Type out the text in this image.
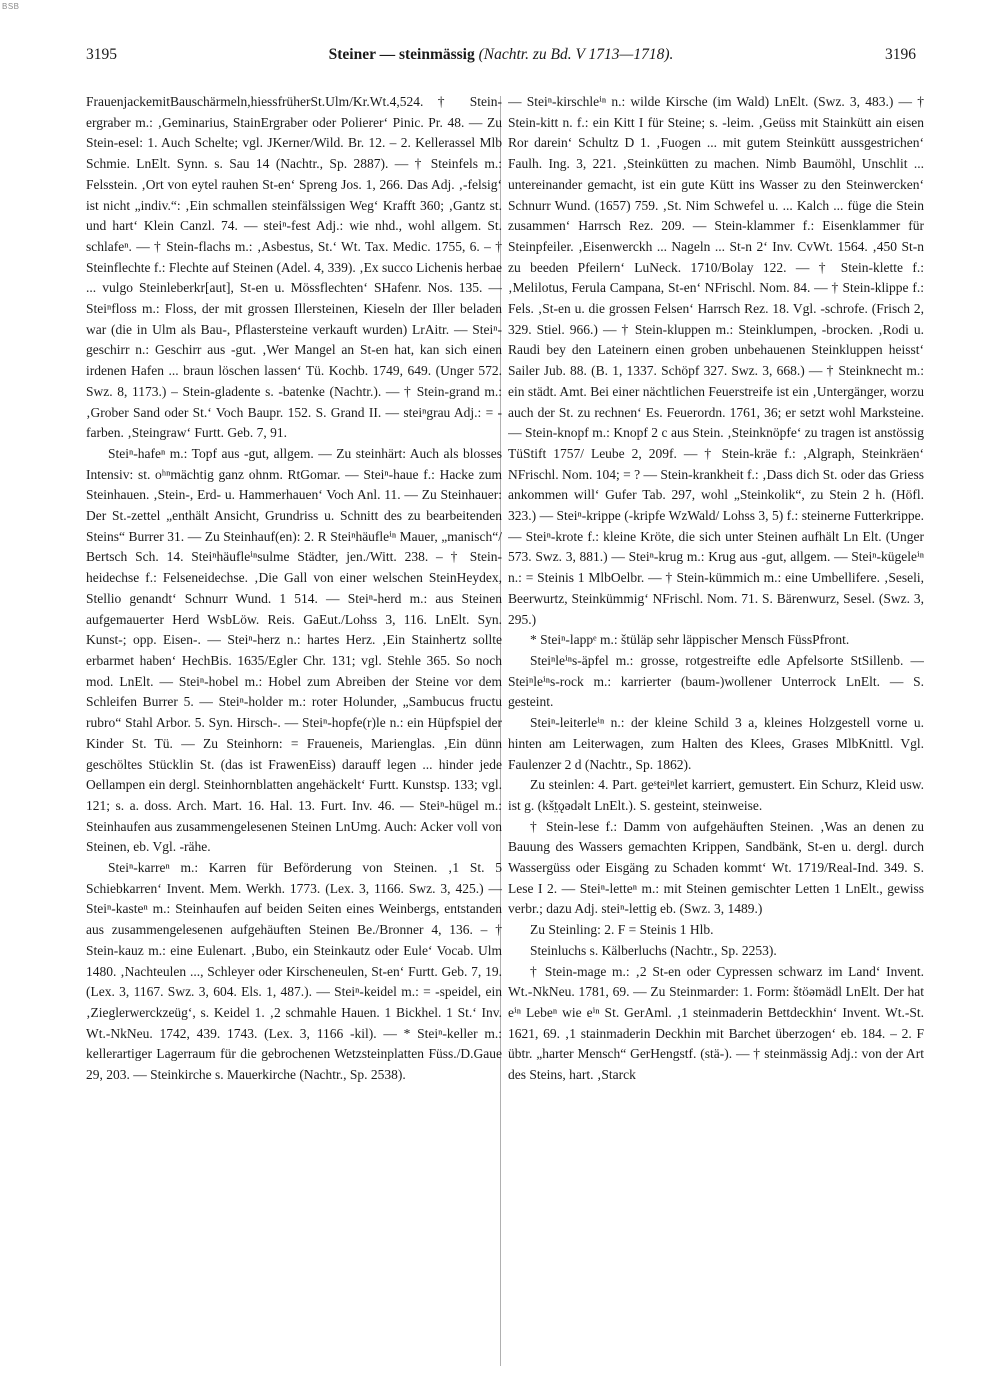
BSB
3195	Steiner — steinmässig (Nachtr. zu Bd. V 1713—1718).	3196

FrauenjackemitBauschärmeln,hiessfrüherSt.Ulm/Kr.Wt.4,524. † Stein-ergraber m.: ‚Geminarius, StainErgraber oder Polierer‘ Pinic. Pr. 48. — Zu Stein-esel: 1. Auch Schelte; vgl. JKerner/Wild. Br. 12. – 2. Kellerassel Mlb Schmie. LnElt. Synn. s. Sau 14 (Nachtr., Sp. 2887). — † Steinfels m.: Felsstein. ‚Ort von eytel rauhen St-en‘ Spreng Jos. 1, 266. Das Adj. ‚-felsig‘ ist nicht „indiv.“: ‚Ein schmallen steinfälssigen Weg‘ Krafft 360; ‚Gantz st. und hart‘ Klein Canzl. 74. — steiⁿ-fest Adj.: wie nhd., wohl allgem. St. schlafeⁿ. — † Stein-flachs m.: ‚Asbestus, St.‘ Wt. Tax. Medic. 1755, 6. – † Steinflechte f.: Flechte auf Steinen (Adel. 4, 339). ‚Ex succo Lichenis herbae ... vulgo Steinleberkr[aut], St-en u. Mössflechten‘ SHafenr. Nos. 135. — Steiⁿfloss m.: Floss, der mit grossen Illersteinen, Kieseln der Iller beladen war (die in Ulm als Bau-, Pflastersteine verkauft wurden) LrAitr. — Steiⁿ-geschirr n.: Geschirr aus -gut. ‚Wer Mangel an St-en hat, kan sich einen irdenen Hafen ... braun löschen lassen‘ Tü. Kochb. 1749, 649. (Unger 572. Swz. 8, 1173.) – Stein-gladente s. -batenke (Nachtr.). — † Stein-grand m.: ‚Grober Sand oder St.‘ Voch Baupr. 152. S. Grand II. — steiⁿgrau Adj.: = -farben. ‚Steingraw‘ Furtt. Geb. 7, 91.

Steiⁿ-hafeⁿ m.: Topf aus -gut, allgem. — Zu steinhärt: Auch als blosses Intensiv: st. oʰⁿmächtig ganz ohnm. RtGomar. — Steiⁿ-haue f.: Hacke zum Steinhauen. ‚Stein-, Erd- u. Hammerhauen‘ Voch Anl. 11. — Zu Steinhauer: Der St.-zettel „enthält Ansicht, Grundriss u. Schnitt des zu bearbeitenden Steins“ Burrer 31. — Zu Steinhauf(en): 2. R Steiⁿhäufleⁱⁿ Mauer, „manisch“/ Bertsch Sch. 14. Steiⁿhäufleⁱⁿsulme Städter, jen./Witt. 238. – † Stein-heidechse f.: Felseneidechse. ‚Die Gall von einer welschen SteinHeydex, Stellio genandt‘ Schnurr Wund. 1 514. — Steiⁿ-herd m.: aus Steinen aufgemauerter Herd WsbLöw. Reis. GaEut./Lohss 3, 116. LnElt. Syn. Kunst-; opp. Eisen-. — Steiⁿ-herz n.: hartes Herz. ‚Ein Stainhertz sollte erbarmet haben‘ HechBis. 1635/Egler Chr. 131; vgl. Stehle 365. So noch mod. LnElt. — Steiⁿ-hobel m.: Hobel zum Abreiben der Steine vor dem Schleifen Burrer 5. — Steiⁿ-holder m.: roter Holunder, „Sambucus fructu rubro“ Stahl Arbor. 5. Syn. Hirsch-. — Steiⁿ-hopfe(r)le n.: ein Hüpfspiel der Kinder St. Tü. — Zu Steinhorn: = Fraueneis, Marienglas. ‚Ein dünn geschöltes Stücklin St. (das ist FrawenEiss) darauff legen ... hinder jede Oellampen ein dergl. Steinhornblatten angehäckelt‘ Furtt. Kunstsp. 133; vgl. 121; s. a. doss. Arch. Mart. 16. Hal. 13. Furt. Inv. 46. — Steiⁿ-hügel m.: Steinhaufen aus zusammengelesenen Steinen LnUmg. Auch: Acker voll von Steinen, eb. Vgl. -rähe.

Steiⁿ-karreⁿ m.: Karren für Beförderung von Steinen. ‚1 St. 5 Schiebkarren‘ Invent. Mem. Werkh. 1773. (Lex. 3, 1166. Swz. 3, 425.) — Steiⁿ-kasteⁿ m.: Steinhaufen auf beiden Seiten eines Weinbergs, entstanden aus zusammengelesenen aufgehäuften Steinen Be./Bronner 4, 136. – † Stein-kauz m.: eine Eulenart. ‚Bubo, ein Steinkautz oder Eule‘ Vocab. Ulm 1480. ‚Nachteulen ..., Schleyer oder Kirscheneulen, St-en‘ Furtt. Geb. 7, 19. (Lex. 3, 1167. Swz. 3, 604. Els. 1, 487.). — Steiⁿ-keidel m.: = -speidel, ein ‚Zieglerwerckzeüg‘, s. Keidel 1. ‚2 schmahle Hauen. 1 Bickhel. 1 St.‘ Inv. Wt.-NkNeu. 1742, 439. 1743. (Lex. 3, 1166 -kil). — * Steiⁿ-keller m.: kellerartiger Lagerraum für die gebrochenen Wetzsteinplatten Füss./D.Gaue 29, 203. — Steinkirche s. Mauerkirche (Nachtr., Sp. 2538).

— Steiⁿ-kirschleⁱⁿ n.: wilde Kirsche (im Wald) LnElt. (Swz. 3, 483.) — † Stein-kitt n. f.: ein Kitt I für Steine; s. -leim. ‚Geüss mit Stainkütt ain eisen Ror darein‘ Schultz D 1. ‚Fuogen ... mit gutem Steinkütt aussgestrichen‘ Faulh. Ing. 3, 221. ‚Steinkütten zu machen. Nimb Baumöhl, Unschlit ... untereinander gemacht, ist ein gute Kütt ins Wasser zu den Steinwercken‘ Schnurr Wund. (1657) 759. ‚St. Nim Schwefel u. ... Kalch ... füge die Stein zusammen‘ Harrsch Rez. 209. — Stein-klammer f.: Eisenklammer für Steinpfeiler. ‚Eisenwerckh ... Nageln ... St-n 2‘ Inv. CvWt. 1564. ‚450 St-n zu beeden Pfeilern‘ LuNeck. 1710/Bolay 122. — † Stein-klette f.: ‚Melilotus, Ferula Campana, St-en‘ NFrischl. Nom. 84. — † Stein-klippe f.: Fels. ‚St-en u. die grossen Felsen‘ Harrsch Rez. 18. Vgl. -schrofe. (Frisch 2, 329. Stiel. 966.) — † Stein-kluppen m.: Steinklumpen, -brocken. ‚Rodi u. Raudi bey den Lateinern einen groben unbehauenen Steinkluppen heisst‘ Sailer Jub. 88. (B. 1, 1337. Schöpf 327. Swz. 3, 668.) — † Steinknecht m.: ein städt. Amt. Bei einer nächtlichen Feuerstreife ist ein ‚Untergänger, worzu auch der St. zu rechnen‘ Es. Feuerordn. 1761, 36; er setzt wohl Marksteine. — Stein-knopf m.: Knopf 2 c aus Stein. ‚Steinknöpfe‘ zu tragen ist anstössig TüStift 1757/ Leube 2, 209f. — † Stein-kräe f.: ‚Algraph, Steinkräen‘ NFrischl. Nom. 104; = ? — Stein-krankheit f.: ‚Dass dich St. oder das Griess ankommen will‘ Gufer Tab. 297, wohl „Steinkolik“, zu Stein 2 h. (Höfl. 323.) — Steiⁿ-krippe (-kripfe WzWald/ Lohss 3, 5) f.: steinerne Futterkrippe. — Steiⁿ-krote f.: kleine Kröte, die sich unter Steinen aufhält Ln Elt. (Unger 573. Swz. 3, 881.) — Steiⁿ-krug m.: Krug aus -gut, allgem. — Steiⁿ-kügeleⁱⁿ n.: = Steinis 1 MlbOelbr. — † Stein-kümmich m.: eine Umbellifere. ‚Seseli, Beerwurtz, Steinkümmig‘ NFrischl. Nom. 71. S. Bärenwurz, Sesel. (Swz. 3, 295.)

* Steiⁿ-lappᵉ m.: štüläp sehr läppischer Mensch FüssPfront.

Steiⁿleⁱⁿs-äpfel m.: grosse, rotgestreifte edle Apfelsorte StSillenb. — Steiⁿleⁱⁿs-rock m.: karrierter (baum-)wollener Unterrock LnElt. — S. gesteint.

Steiⁿ-leiterleⁱⁿ n.: der kleine Schild 3 a, kleines Holzgestell vorne u. hinten am Leiterwagen, zum Halten des Klees, Grases MlbKnittl. Vgl. Faulenzer 2 d (Nachtr., Sp. 1862).

Zu steinlen: 4. Part. geˢteiⁿlet karriert, gemustert. Ein Schurz, Kleid usw. ist g. (kšt̤ǫədəlt LnElt.). S. gesteint, steinweise.

† Stein-lese f.: Damm von aufgehäuften Steinen. ‚Was an denen zu Bauung des Wassers gemachten Krippen, Sandbänk, St-en u. dergl. durch Wassergüss oder Eisgäng zu Schaden kommt‘ Wt. 1719/Real-Ind. 349. S. Lese I 2. — Steiⁿ-letteⁿ m.: mit Steinen gemischter Letten 1 LnElt., gewiss verbr.; dazu Adj. steiⁿ-lettig eb. (Swz. 3, 1489.)

Zu Steinling: 2. F = Steinis 1 Hlb.

Steinluchs s. Kälberluchs (Nachtr., Sp. 2253).

† Stein-mage m.: ‚2 St-en oder Cypressen schwarz im Land‘ Invent. Wt.-NkNeu. 1781, 69. — Zu Steinmarder: 1. Form: štöəmädl LnElt. Der hat eⁱⁿ Lebeⁿ wie eⁱⁿ St. GerAml. ‚1 steinmaderin Bettdeckhin‘ Invent. Wt.-St. 1621, 69. ‚1 stainmaderin Deckhin mit Barchet überzogen‘ eb. 184. – 2. F übtr. „harter Mensch“ GerHengstf. (stä-). — † steinmässig Adj.: von der Art des Steins, hart. ‚Starck
